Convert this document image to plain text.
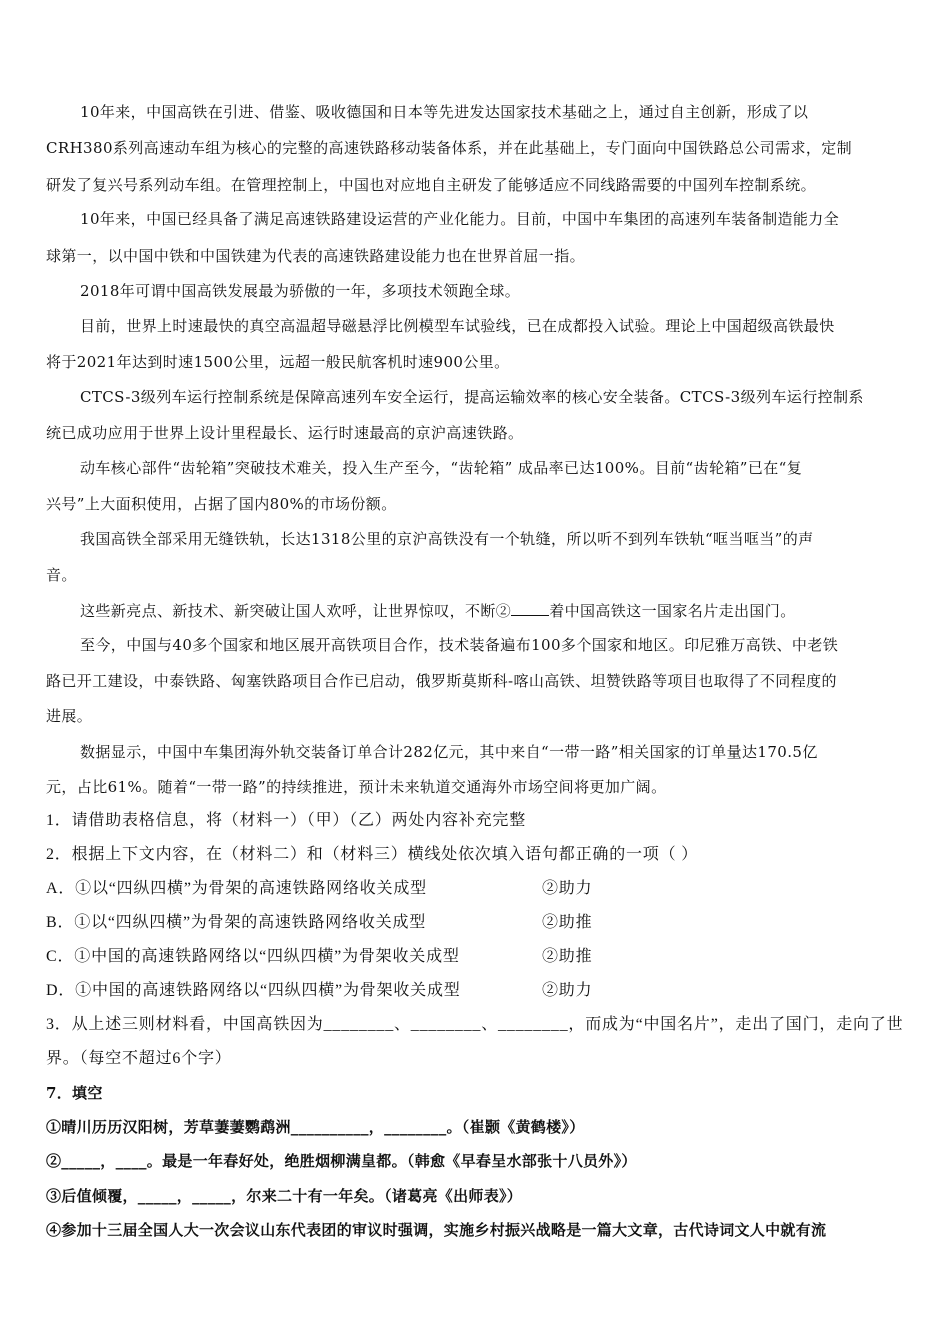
10年来，中国高铁在引进、借鉴、吸收德国和日本等先进发达国家技术基础之上，通过自主创新，形成了以
CRH380系列高速动车组为核心的完整的高速铁路移动装备体系，并在此基础上，专门面向中国铁路总公司需求，定制
研发了复兴号系列动车组。在管理控制上，中国也对应地自主研发了能够适应不同线路需要的中国列车控制系统。
10年来，中国已经具备了满足高速铁路建设运营的产业化能力。目前，中国中车集团的高速列车装备制造能力全
球第一，以中国中铁和中国铁建为代表的高速铁路建设能力也在世界首屈一指。
2018年可谓中国高铁发展最为骄傲的一年，多项技术领跑全球。
目前，世界上时速最快的真空高温超导磁悬浮比例模型车试验线，已在成都投入试验。理论上中国超级高铁最快
将于2021年达到时速1500公里，远超一般民航客机时速900公里。
CTCS-3级列车运行控制系统是保障高速列车安全运行，提高运输效率的核心安全装备。CTCS-3级列车运行控制系
统已成功应用于世界上设计里程最长、运行时速最高的京沪高速铁路。
动车核心部件“齿轮箱”突破技术难关，投入生产至今，“齿轮箱” 成品率已达100%。目前“齿轮箱”已在“复
兴号”上大面积使用，占据了国内80%的市场份额。
我国高铁全部采用无缝铁轨，长达1318公里的京沪高铁没有一个轨缝，所以听不到列车铁轨“哐当哐当”的声
音。
这些新亮点、新技术、新突破让国人欢呼，让世界惊叹，不断②	着中国高铁这一国家名片走出国门。
至今，中国与40多个国家和地区展开高铁项目合作，技术装备遍布100多个国家和地区。印尼雅万高铁、中老铁
路已开工建设，中泰铁路、匈塞铁路项目合作已启动，俄罗斯莫斯科-喀山高铁、坦赞铁路等项目也取得了不同程度的
进展。
数据显示，中国中车集团海外轨交装备订单合计282亿元，其中来自“一带一路”相关国家的订单量达170.5亿
元，占比61%。随着“一带一路”的持续推进，预计未来轨道交通海外市场空间将更加广阔。
1．请借助表格信息，将（材料一）（甲）（乙）两处内容补充完整
2．根据上下文内容，在（材料二）和（材料三）横线处依次填入语句都正确的一项（ ）
A．①以“四纵四横”为骨架的高速铁路网络收关成型	②助力
B．①以“四纵四横”为骨架的高速铁路网络收关成型	②助推
C．①中国的高速铁路网络以“四纵四横”为骨架收关成型	②助推
D．①中国的高速铁路网络以“四纵四横”为骨架收关成型	②助力
3．从上述三则材料看，中国高铁因为________、________、________，而成为“中国名片”，走出了国门，走向了世
界。（每空不超过6个字）
7．填空
①晴川历历汉阳树，芳草萋萋鹦鹉洲__________，________。（崔颢《黄鹤楼》）
②_____，____。最是一年春好处，绝胜烟柳满皇都。（韩愈《早春呈水部张十八员外》）
③后值倾覆，_____，_____，尔来二十有一年矣。（诸葛亮《出师表》）
④参加十三届全国人大一次会议山东代表团的审议时强调，实施乡村振兴战略是一篇大文章，古代诗词文人中就有流
